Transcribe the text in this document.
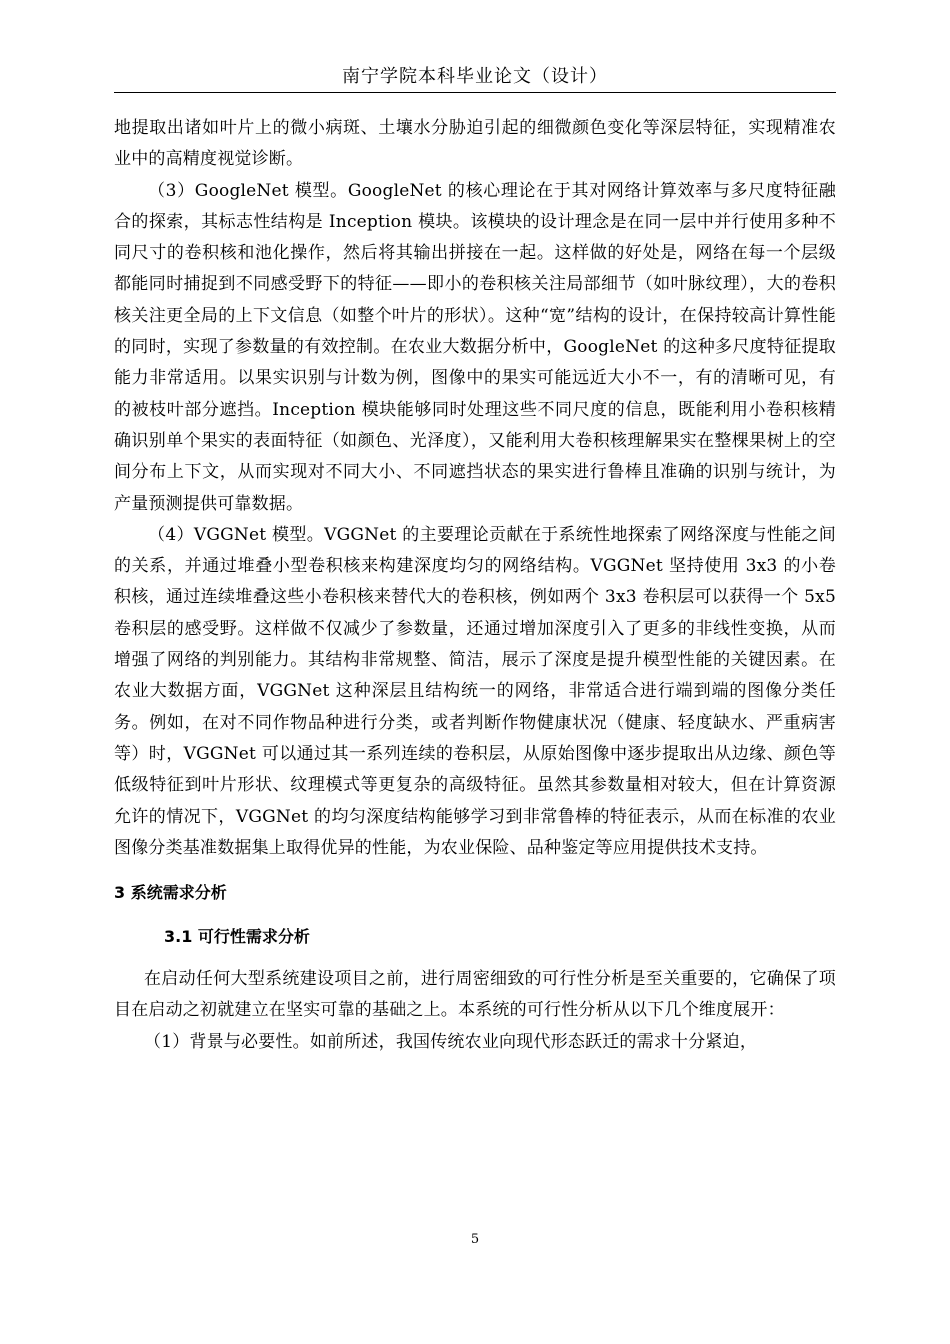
南宁学院本科毕业论文（设计）

地提取出诸如叶片上的微小病斑、土壤水分胁迫引起的细微颜色变化等深层特征，实现精准农业中的高精度视觉诊断。

（3）GoogleNet 模型。GoogleNet 的核心理论在于其对网络计算效率与多尺度特征融合的探索，其标志性结构是 Inception 模块。该模块的设计理念是在同一层中并行使用多种不同尺寸的卷积核和池化操作，然后将其输出拼接在一起。这样做的好处是，网络在每一个层级都能同时捕捉到不同感受野下的特征——即小的卷积核关注局部细节（如叶脉纹理），大的卷积核关注更全局的上下文信息（如整个叶片的形状）。这种“宽”结构的设计，在保持较高计算性能的同时，实现了参数量的有效控制。在农业大数据分析中，GoogleNet 的这种多尺度特征提取能力非常适用。以果实识别与计数为例，图像中的果实可能远近大小不一，有的清晰可见，有的被枝叶部分遮挡。Inception 模块能够同时处理这些不同尺度的信息，既能利用小卷积核精确识别单个果实的表面特征（如颜色、光泽度），又能利用大卷积核理解果实在整棵果树上的空间分布上下文，从而实现对不同大小、不同遮挡状态的果实进行鲁棒且准确的识别与统计，为产量预测提供可靠数据。

（4）VGGNet 模型。VGGNet 的主要理论贡献在于系统性地探索了网络深度与性能之间的关系，并通过堆叠小型卷积核来构建深度均匀的网络结构。VGGNet 坚持使用 3x3 的小卷积核，通过连续堆叠这些小卷积核来替代大的卷积核，例如两个 3x3 卷积层可以获得一个 5x5 卷积层的感受野。这样做不仅减少了参数量，还通过增加深度引入了更多的非线性变换，从而增强了网络的判别能力。其结构非常规整、简洁，展示了深度是提升模型性能的关键因素。在农业大数据方面，VGGNet 这种深层且结构统一的网络，非常适合进行端到端的图像分类任务。例如，在对不同作物品种进行分类，或者判断作物健康状况（健康、轻度缺水、严重病害等）时，VGGNet 可以通过其一系列连续的卷积层，从原始图像中逐步提取出从边缘、颜色等低级特征到叶片形状、纹理模式等更复杂的高级特征。虽然其参数量相对较大，但在计算资源允许的情况下，VGGNet 的均匀深度结构能够学习到非常鲁棒的特征表示，从而在标准的农业图像分类基准数据集上取得优异的性能，为农业保险、品种鉴定等应用提供技术支持。

3 系统需求分析
3.1 可行性需求分析

在启动任何大型系统建设项目之前，进行周密细致的可行性分析是至关重要的，它确保了项目在启动之初就建立在坚实可靠的基础之上。本系统的可行性分析从以下几个维度展开：

（1）背景与必要性。如前所述，我国传统农业向现代形态跃迁的需求十分紧迫，

5
